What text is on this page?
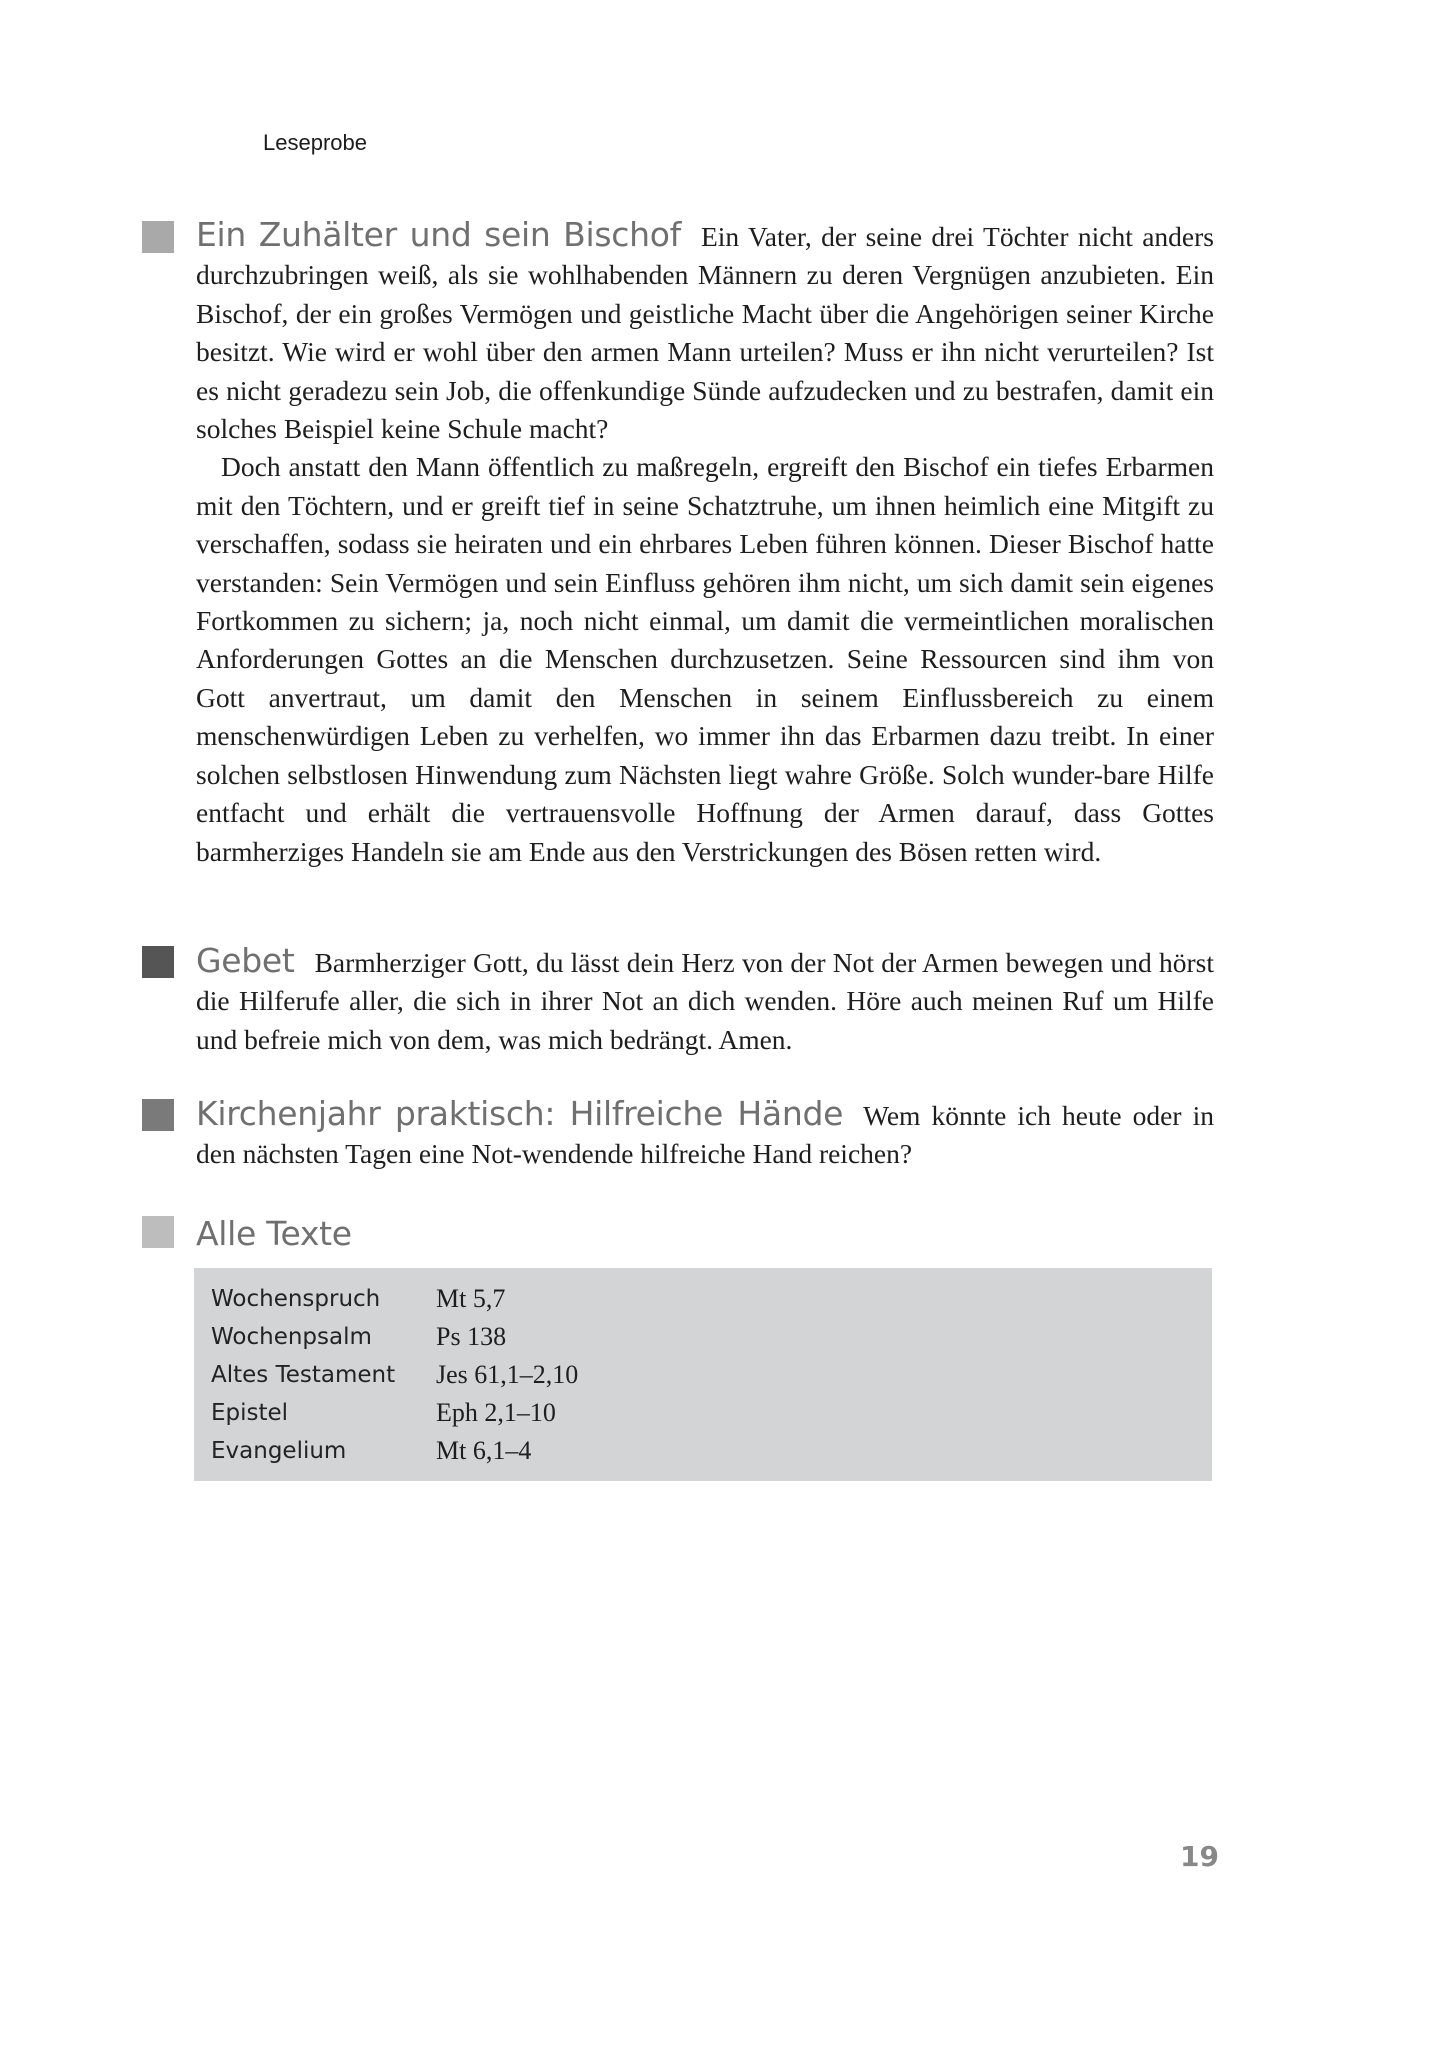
Leseprobe

Ein Zuhälter und sein Bischof Ein Vater, der seine drei Töchter nicht anders durchzubringen weiß, als sie wohlhabenden Männern zu deren Vergnügen anzubieten. Ein Bischof, der ein großes Vermögen und geistliche Macht über die Angehörigen seiner Kirche besitzt. Wie wird er wohl über den armen Mann urteilen? Muss er ihn nicht verurteilen? Ist es nicht geradezu sein Job, die offenkundige Sünde aufzudecken und zu bestrafen, damit ein solches Beispiel keine Schule macht?

Doch anstatt den Mann öffentlich zu maßregeln, ergreift den Bischof ein tiefes Erbarmen mit den Töchtern, und er greift tief in seine Schatztruhe, um ihnen heimlich eine Mitgift zu verschaffen, sodass sie heiraten und ein ehrbares Leben führen können. Dieser Bischof hatte verstanden: Sein Vermögen und sein Einfluss gehören ihm nicht, um sich damit sein eigenes Fortkommen zu sichern; ja, noch nicht einmal, um damit die vermeintlichen moralischen Anforderungen Gottes an die Menschen durchzusetzen. Seine Ressourcen sind ihm von Gott anvertraut, um damit den Menschen in seinem Einflussbereich zu einem menschenwürdigen Leben zu verhelfen, wo immer ihn das Erbarmen dazu treibt. In einer solchen selbstlosen Hinwendung zum Nächsten liegt wahre Größe. Solch wunder-bare Hilfe entfacht und erhält die vertrauensvolle Hoffnung der Armen darauf, dass Gottes barmherziges Handeln sie am Ende aus den Verstrickungen des Bösen retten wird.

Gebet Barmherziger Gott, du lässt dein Herz von der Not der Armen bewegen und hörst die Hilferufe aller, die sich in ihrer Not an dich wenden. Höre auch meinen Ruf um Hilfe und befreie mich von dem, was mich bedrängt. Amen.

Kirchenjahr praktisch: Hilfreiche Hände Wem könnte ich heute oder in den nächsten Tagen eine Not-wendende hilfreiche Hand reichen?

Alle Texte
Wochenspruch	Mt 5,7
Wochenpsalm	Ps 138
Altes Testament	Jes 61,1–2,10
Epistel	Eph 2,1–10
Evangelium	Mt 6,1–4
19
